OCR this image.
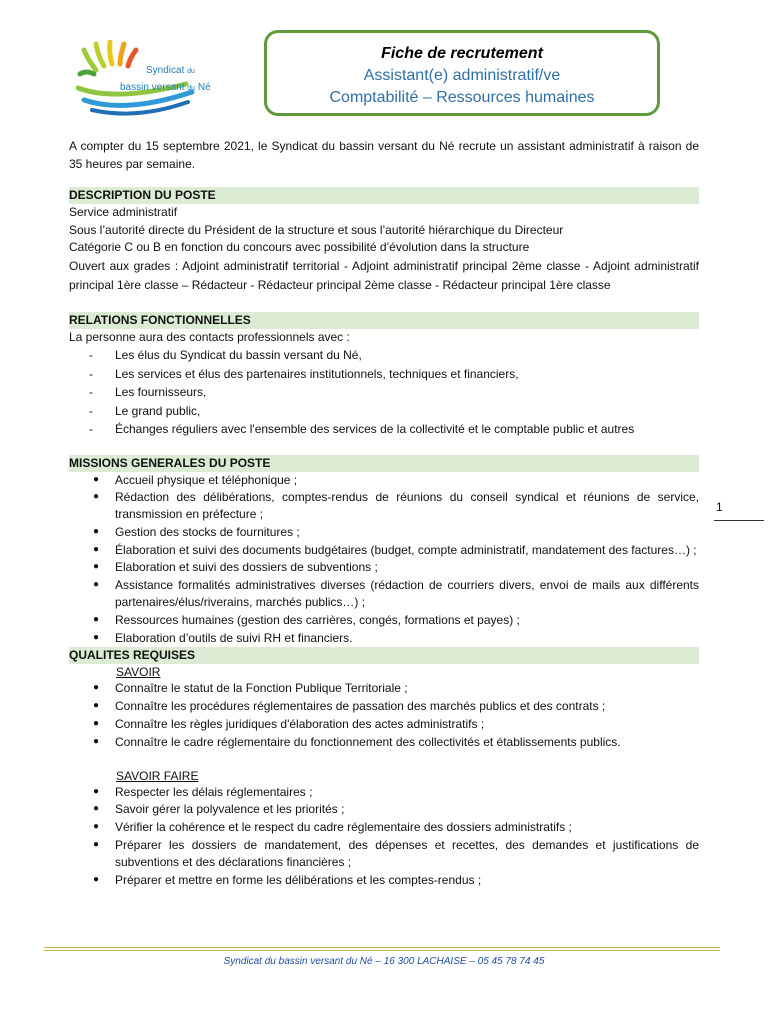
Syndicat du
bassin versant du Né
Fiche de recrutement
Assistant(e) administratif/ve
Comptabilité – Ressources humaines

A compter du 15 septembre 2021, le Syndicat du bassin versant du Né recrute un assistant administratif à raison de 35 heures par semaine.

DESCRIPTION DU POSTE

Service administratif

Sous l’autorité directe du Président de la structure et sous l’autorité hiérarchique du Directeur

Catégorie C ou B en fonction du concours avec possibilité d’évolution dans la structure

Ouvert aux grades : Adjoint administratif territorial - Adjoint administratif principal 2ème classe - Adjoint administratif principal 1ère classe – Rédacteur - Rédacteur principal 2ème classe - Rédacteur principal 1ère classe

RELATIONS FONCTIONNELLES

La personne aura des contacts professionnels avec :

- Les élus du Syndicat du bassin versant du Né,
- Les services et élus des partenaires institutionnels, techniques et financiers,
- Les fournisseurs,
- Le grand public,
- Échanges réguliers avec l'ensemble des services de la collectivité et le comptable public et autres
MISSIONS GENERALES DU POSTE
● Accueil physique et téléphonique ;
● Rédaction des délibérations, comptes-rendus de réunions du conseil syndical et réunions de service, transmission en préfecture ;
● Gestion des stocks de fournitures ;
● Élaboration et suivi des documents budgétaires (budget, compte administratif, mandatement des factures…) ;
● Elaboration et suivi des dossiers de subventions ;
● Assistance formalités administratives diverses (rédaction de courriers divers, envoi de mails aux différents partenaires/élus/riverains, marchés publics…) ;
● Ressources humaines (gestion des carrières, congés, formations et payes) ;
● Elaboration d’outils de suivi RH et financiers.
QUALITES REQUISES
SAVOIR
● Connaître le statut de la Fonction Publique Territoriale ;
● Connaître les procédures réglementaires de passation des marchés publics et des contrats ;
● Connaître les règles juridiques d'élaboration des actes administratifs ;
● Connaître le cadre réglementaire du fonctionnement des collectivités et établissements publics.
SAVOIR FAIRE
● Respecter les délais réglementaires ;
● Savoir gérer la polyvalence et les priorités ;
● Vérifier la cohérence et le respect du cadre réglementaire des dossiers administratifs ;
● Préparer les dossiers de mandatement, des dépenses et recettes, des demandes et justifications de subventions et des déclarations financières ;
● Préparer et mettre en forme les délibérations et les comptes-rendus ;
1
Syndicat du bassin versant du Né – 16 300 LACHAISE – 05 45 78 74 45
